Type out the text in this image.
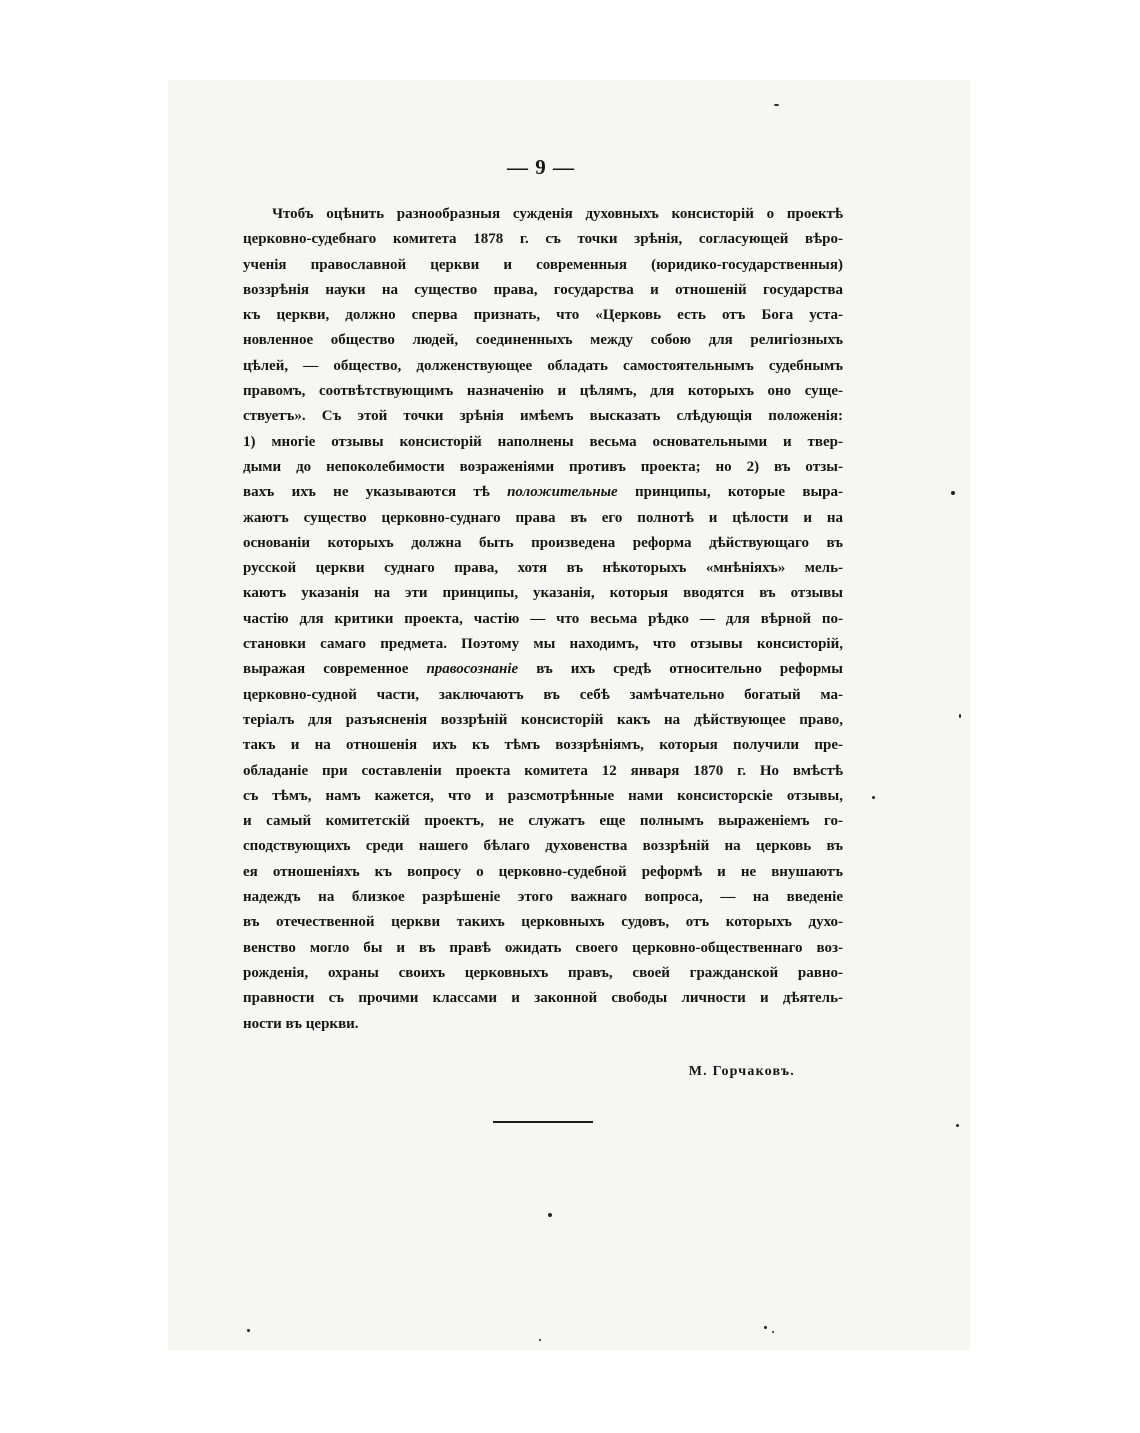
— 9 —
Чтобъ оцѣнить разнообразныя сужденія духовныхъ консисторій о проектѣ
церковно-судебнаго комитета 1878 г. съ точки зрѣнія, согласующей вѣро-
ученія православной церкви и современныя (юридико-государственныя)
воззрѣнія науки на существо права, государства и отношеній государства
къ церкви, должно сперва признать, что «Церковь есть отъ Бога уста-
новленное общество людей, соединенныхъ между собою для религіозныхъ
цѣлей, — общество, долженствующее обладать самостоятельнымъ судебнымъ
правомъ, соотвѣтствующимъ назначенію и цѣлямъ, для которыхъ оно суще-
ствуетъ». Съ этой точки зрѣнія имѣемъ высказать слѣдующія положенія:
1) многіе отзывы консисторій наполнены весьма основательными и твер-
дыми до непоколебимости возраженіями противъ проекта; но 2) въ отзы-
вахъ ихъ не указываются тѣ положительные принципы, которые выра-
жаютъ существо церковно-суднаго права въ его полнотѣ и цѣлости и на
основаніи которыхъ должна быть произведена реформа дѣйствующаго въ
русской церкви суднаго права, хотя въ нѣкоторыхъ «мнѣніяхъ» мель-
каютъ указанія на эти принципы, указанія, которыя вводятся въ отзывы
частію для критики проекта, частію — что весьма рѣдко — для вѣрной по-
становки самаго предмета. Поэтому мы находимъ, что отзывы консисторій,
выражая современное правосознаніе въ ихъ средѣ относительно реформы
церковно-судной части, заключаютъ въ себѣ замѣчательно богатый ма-
теріалъ для разъясненія воззрѣній консисторій какъ на дѣйствующее право,
такъ и на отношенія ихъ къ тѣмъ воззрѣніямъ, которыя получили пре-
обладаніе при составленіи проекта комитета 12 января 1870 г. Но вмѣстѣ
съ тѣмъ, намъ кажется, что и разсмотрѣнные нами консисторскіе отзывы,
и самый комитетскій проектъ, не служатъ еще полнымъ выраженіемъ го-
сподствующихъ среди нашего бѣлаго духовенства воззрѣній на церковь въ
ея отношеніяхъ къ вопросу о церковно-судебной реформѣ и не внушаютъ
надеждъ на близкое разрѣшеніе этого важнаго вопроса, — на введеніе
въ отечественной церкви такихъ церковныхъ судовъ, отъ которыхъ духо-
венство могло бы и въ правѣ ожидать своего церковно-общественнаго воз-
рожденія, охраны своихъ церковныхъ правъ, своей гражданской равно-
правности съ прочими классами и законной свободы личности и дѣятель-
ности въ церкви.
М. Горчаковъ.
